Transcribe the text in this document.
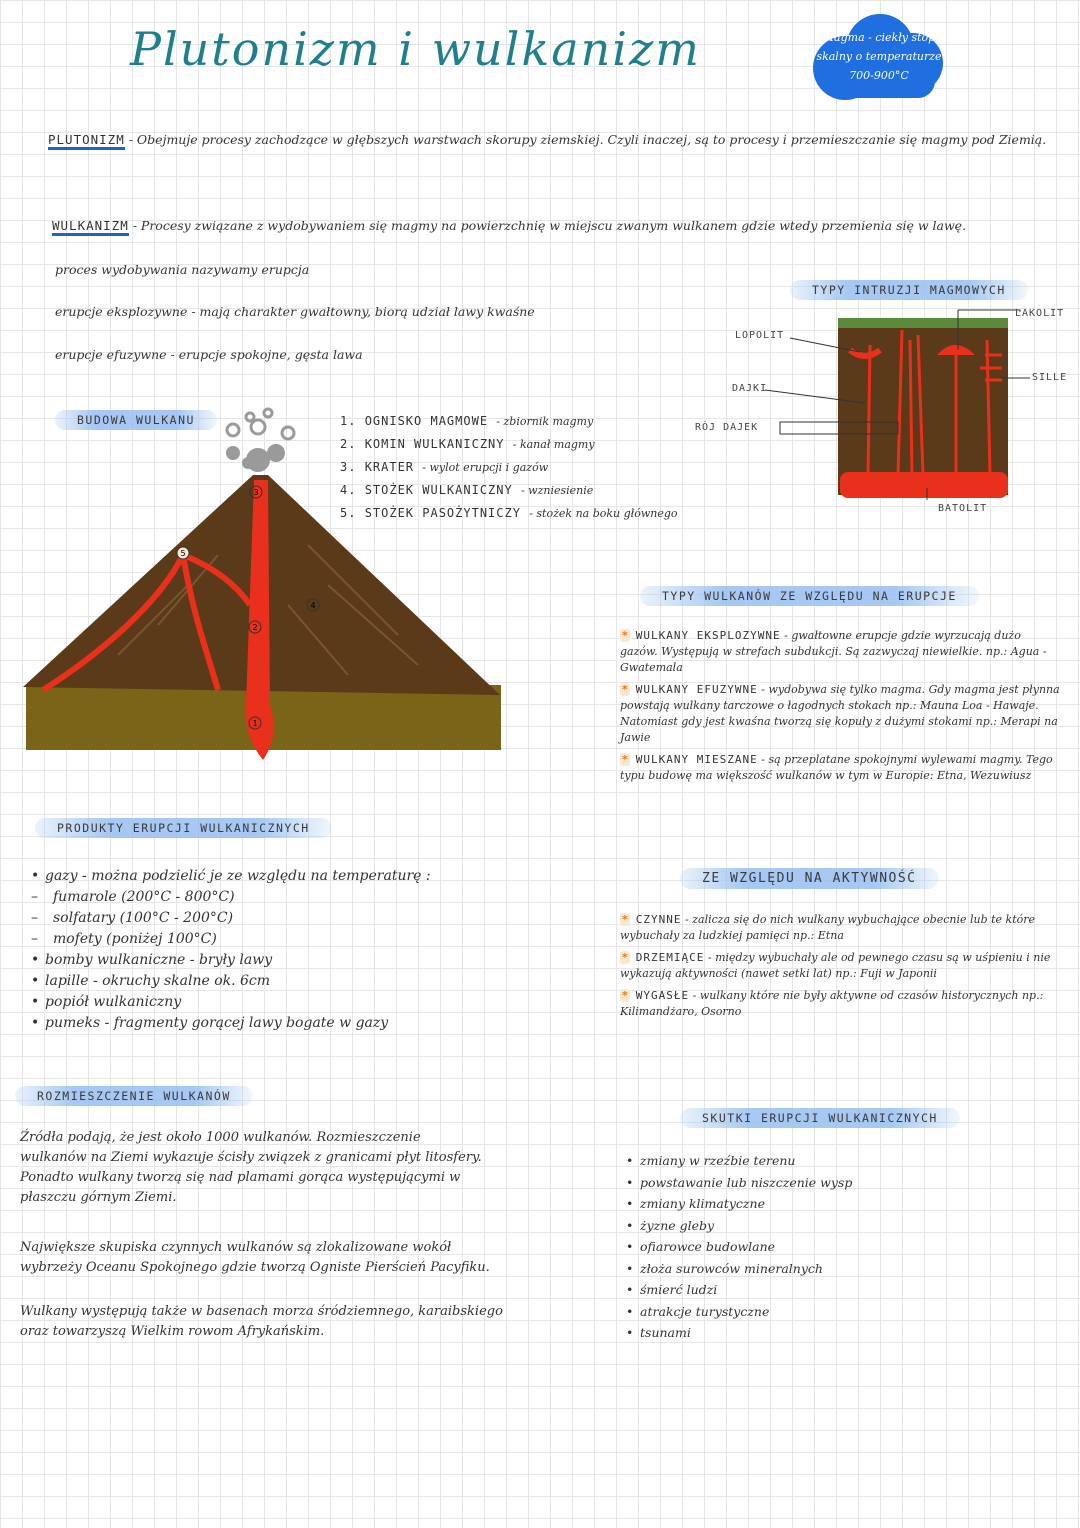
Plutonizm i wulkanizm	Magma - ciekły stop skalny o temperaturze 700-900°C
PLUTONIZM - Obejmuje procesy zachodzące w głębszych warstwach skorupy ziemskiej. Czyli inaczej, są to procesy i przemieszczanie się magmy pod Ziemią.
WULKANIZM - Procesy związane z wydobywaniem się magmy na powierzchnię w miejscu zwanym wulkanem gdzie wtedy przemienia się w lawę.
proces wydobywania nazywamy erupcja
erupcje eksplozywne - mają charakter gwałtowny, biorą udział lawy kwaśne
erupcje efuzywne - erupcje spokojne, gęsta lawa
BUDOWA WULKANU	1. OGNISKO MAGMOWE - zbiornik magmy
2. KOMIN WULKANICZNY - kanał magmy
3. KRATER - wylot erupcji i gazów
4. STOŻEK WULKANICZNY - wzniesienie
5. STOŻEK PASOŻYTNICZY - stożek na boku głównego
1
2
3
4
5
TYPY INTRUZJI MAGMOWYCH
LOPOLIT
LAKOLIT
SILLE
DAJKI
RÓJ DAJEK
BATOLIT
TYPY WULKANÓW ZE WZGLĘDU NA ERUPCJE
* WULKANY EKSPLOZYWNE - gwałtowne erupcje gdzie wyrzucają dużo gazów. Występują w strefach subdukcji. Są zazwyczaj niewielkie. np.: Agua - Gwatemala
* WULKANY EFUZYWNE - wydobywa się tylko magma. Gdy magma jest płynna powstają wulkany tarczowe o łagodnych stokach np.: Mauna Loa - Hawaje. Natomiast gdy jest kwaśna tworzą się kopuły z dużymi stokami np.: Merapi na Jawie
* WULKANY MIESZANE - są przeplatane spokojnymi wylewami magmy. Tego typu budowę ma większość wulkanów w tym w Europie: Etna, Wezuwiusz
ZE WZGLĘDU NA AKTYWNOŚĆ
* CZYNNE - zalicza się do nich wulkany wybuchające obecnie lub te które wybuchały za ludzkiej pamięci np.: Etna
* DRZEMIĄCE - między wybuchały ale od pewnego czasu są w uśpieniu i nie wykazują aktywności (nawet setki lat) np.: Fuji w Japonii
* WYGASŁE - wulkany które nie były aktywne od czasów historycznych np.: Kilimandżaro, Osorno
PRODUKTY ERUPCJI WULKANICZNYCH
• gazy - można podzielić je ze względu na temperaturę :
– fumarole (200°C - 800°C)
– solfatary (100°C - 200°C)
– mofety (poniżej 100°C)
• bomby wulkaniczne - bryły lawy
• lapille - okruchy skalne ok. 6cm
• popiół wulkaniczny
• pumeks - fragmenty gorącej lawy bogate w gazy
ROZMIESZCZENIE WULKANÓW
Źródła podają, że jest około 1000 wulkanów. Rozmieszczenie wulkanów na Ziemi wykazuje ścisły związek z granicami płyt litosfery. Ponadto wulkany tworzą się nad plamami gorąca występującymi w płaszczu górnym Ziemi.
Największe skupiska czynnych wulkanów są zlokalizowane wokół wybrzeży Oceanu Spokojnego gdzie tworzą Ogniste Pierścień Pacyfiku.
Wulkany występują także w basenach morza śródziemnego, karaibskiego oraz towarzyszą Wielkim rowom Afrykańskim.
SKUTKI ERUPCJI WULKANICZNYCH
• zmiany w rzeźbie terenu
• powstawanie lub niszczenie wysp
• zmiany klimatyczne
• żyzne gleby
• ofiarowce budowlane
• złoża surowców mineralnych
• śmierć ludzi
• atrakcje turystyczne
• tsunami
